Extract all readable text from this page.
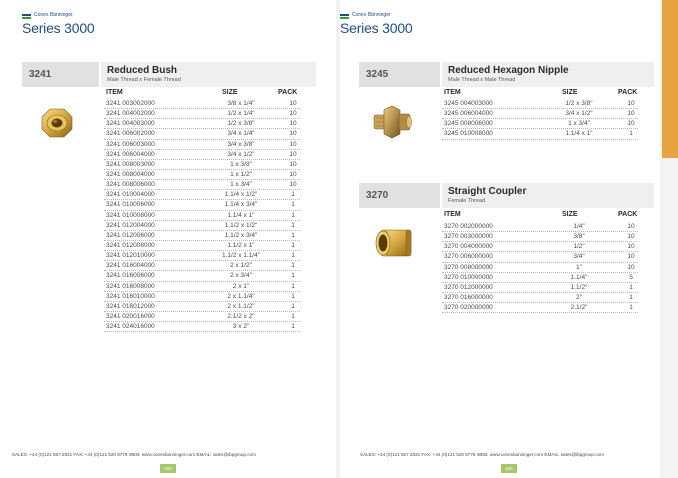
Conex Bänninger
Series 3000
3241	Reduced Bush
Male Thread x Female Thread
ITEM	SIZE	PACK
3241 003002000	3/8 x 1/4"	10
3241 004002000	1/2 x 1/4"	10
3241 004003000	1/2 x 3/8"	10
3241 006002000	3/4 x 1/4"	10
3241 006003000	3/4 x 3/8"	10
3241 006004000	3/4 x 1/2"	10
3241 008003000	1 x 3/8"	10
3241 008004000	1 x 1/2"	10
3241 008006000	1 x 3/4"	10
3241 010004000	1.1/4 x 1/2"	1
3241 010006000	1.1/4 x 3/4"	1
3241 010008000	1.1/4 x 1"	1
3241 012004000	1.1/2 x 1/2"	1
3241 012006000	1.1/2 x 3/4"	1
3241 012008000	1.1/2 x 1"	1
3241 012010000	1.1/2 x 1.1/4"	1
3241 016004000	2 x 1/2"	1
3241 016006000	2 x 3/4"	1
3241 016008000	2 x 1"	1
3241 016010000	2 x 1.1/4"	1
3241 016012000	2 x 1.1/2"	1
3241 020016000	2.1/2 x 2"	1
3241 024016000	3 x 2"	1
SALES: +44 (0)121 557 2831 FAX: +44 (0)121 520 8778 WEB: www.conexbanninger.com EMAIL: sales@ibpgroup.com
184
Conex Bänninger
Series 3000
3245	Reduced Hexagon Nipple
Male Thread x Male Thread
ITEM	SIZE	PACK
3245 004003000	1/2 x 3/8"	10
3245 006004000	3/4 x 1/2"	10
3245 008006000	1 x 3/4"	10
3245 010008000	1.1/4 x 1"	1
3270	Straight Coupler
Female Thread
ITEM	SIZE	PACK
3270 002000000	1/4"	10
3270 003000000	3/8"	10
3270 004000000	1/2"	10
3270 006000000	3/4"	10
3270 008000000	1"	10
3270 010000000	1.1/4"	5
3270 012000000	1.1/2"	1
3270 016000000	2"	1
3270 020000000	2.1/2"	1
SALES: +44 (0)121 557 2831 FAX: +44 (0)121 520 8778 WEB: www.conexbanninger.com EMAIL: sales@ibpgroup.com
185
